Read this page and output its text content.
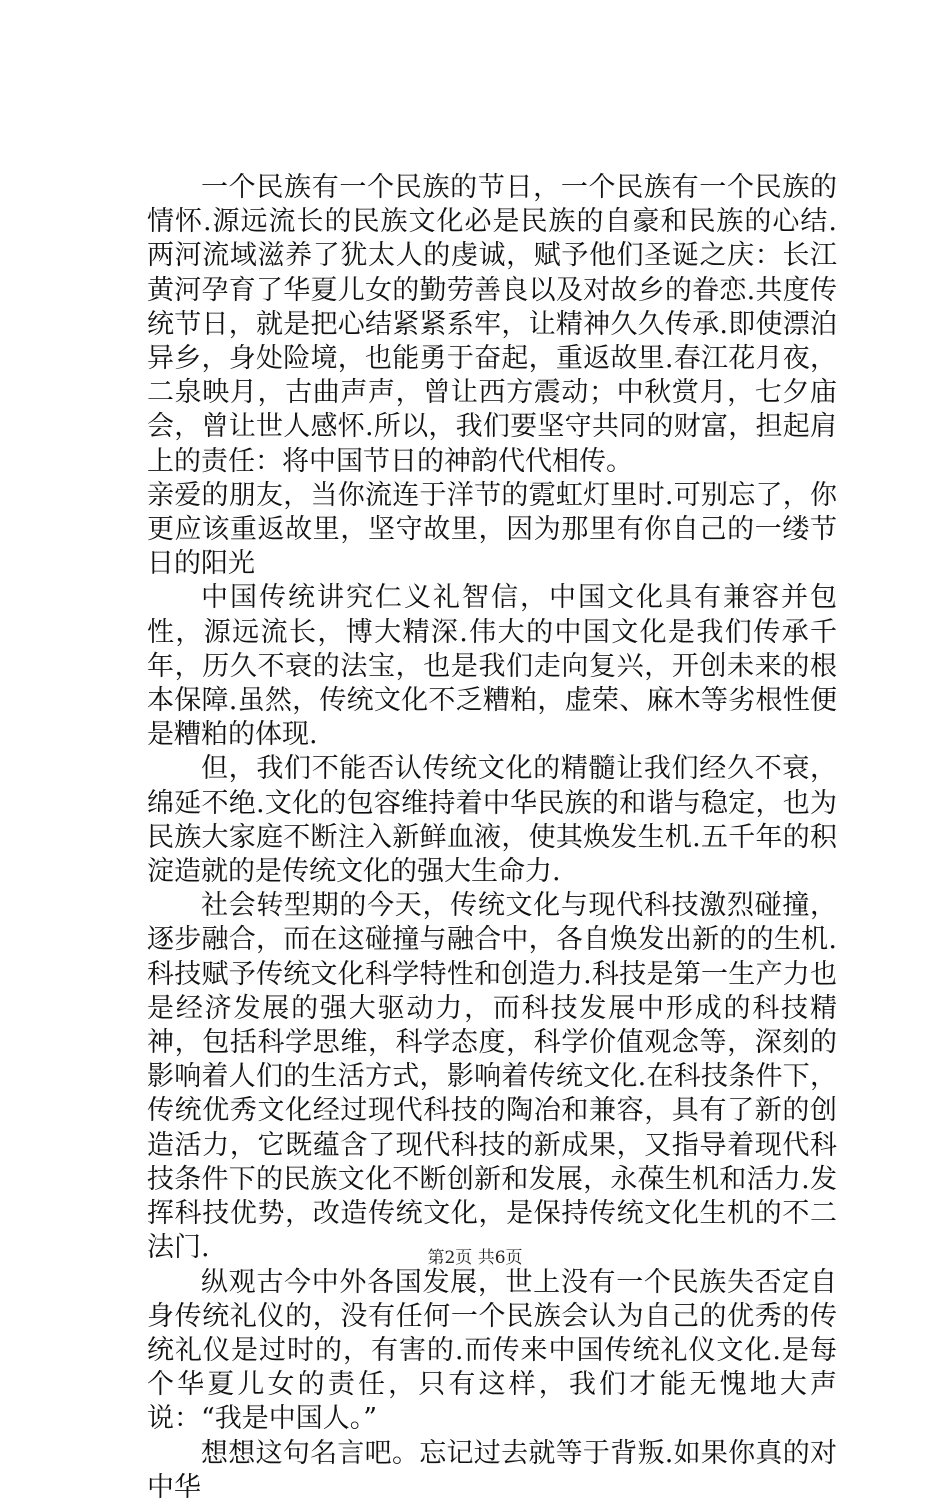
一个民族有一个民族的节日，一个民族有一个民族的情怀.源远流长的民族文化必是民族的自豪和民族的心结.两河流域滋养了犹太人的虔诚，赋予他们圣诞之庆：长江黄河孕育了华夏儿女的勤劳善良以及对故乡的眷恋.共度传统节日，就是把心结紧紧系牢，让精神久久传承.即使漂泊异乡，身处险境，也能勇于奋起，重返故里.春江花月夜，二泉映月，古曲声声，曾让西方震动；中秋赏月，七夕庙会，曾让世人感怀.所以，我们要坚守共同的财富，担起肩上的责任：将中国节日的神韵代代相传。

亲爱的朋友，当你流连于洋节的霓虹灯里时.可别忘了，你更应该重返故里，坚守故里，因为那里有你自己的一缕节日的阳光

中国传统讲究仁义礼智信，中国文化具有兼容并包性，源远流长，博大精深.伟大的中国文化是我们传承千年，历久不衰的法宝，也是我们走向复兴，开创未来的根本保障.虽然，传统文化不乏糟粕，虚荣、麻木等劣根性便是糟粕的体现.

但，我们不能否认传统文化的精髓让我们经久不衰，绵延不绝.文化的包容维持着中华民族的和谐与稳定，也为民族大家庭不断注入新鲜血液，使其焕发生机.五千年的积淀造就的是传统文化的强大生命力.

社会转型期的今天，传统文化与现代科技激烈碰撞，逐步融合，而在这碰撞与融合中，各自焕发出新的的生机.科技赋予传统文化科学特性和创造力.科技是第一生产力也是经济发展的强大驱动力，而科技发展中形成的科技精神，包括科学思维，科学态度，科学价值观念等，深刻的影响着人们的生活方式，影响着传统文化.在科技条件下，传统优秀文化经过现代科技的陶冶和兼容，具有了新的创造活力，它既蕴含了现代科技的新成果，又指导着现代科技条件下的民族文化不断创新和发展，永葆生机和活力.发挥科技优势，改造传统文化，是保持传统文化生机的不二法门.

纵观古今中外各国发展，世上没有一个民族失否定自身传统礼仪的，没有任何一个民族会认为自己的优秀的传统礼仪是过时的，有害的.而传来中国传统礼仪文化.是每个华夏儿女的责任，只有这样，我们才能无愧地大声说：“我是中国人。”

想想这句名言吧。忘记过去就等于背叛.如果你真的对中华

第2页 共6页
